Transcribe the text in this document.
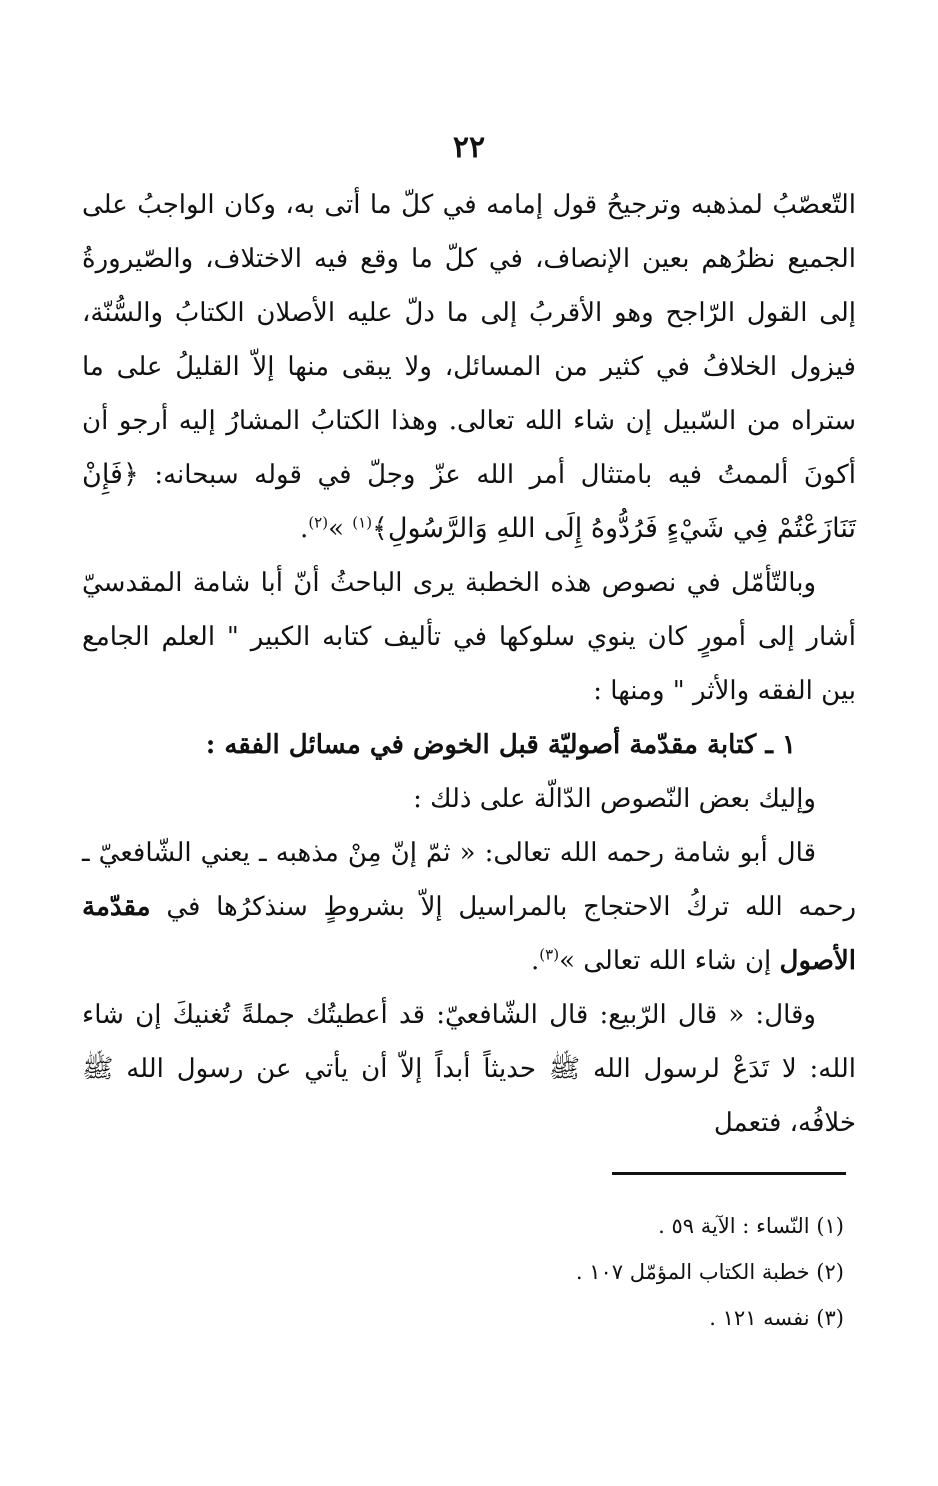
٢٢

التّعصّبُ لمذهبه وترجيحُ قول إمامه في كلّ ما أتى به، وكان الواجبُ على الجميع نظرُهم بعين الإنصاف، في كلّ ما وقع فيه الاختلاف، والصّيرورةُ إلى القول الرّاجح وهو الأقربُ إلى ما دلّ عليه الأصلان الكتابُ والسُّنّة، فيزول الخلافُ في كثير من المسائل، ولا يبقى منها إلاّ القليلُ على ما ستراه من السّبيل إن شاء الله تعالى. وهذا الكتابُ المشارُ إليه أرجو أن أكونَ ألممتُ فيه بامتثال أمر الله عزّ وجلّ في قوله سبحانه: ﴿فَإِنْ تَنَازَعْتُمْ فِي شَيْءٍ فَرُدُّوهُ إِلَى اللهِ وَالرَّسُولِ﴾$^{(١)}$ »$^{(٢)}$.

وبالتّأمّل في نصوص هذه الخطبة يرى الباحثُ أنّ أبا شامة المقدسيّ أشار إلى أمورٍ كان ينوي سلوكها في تأليف كتابه الكبير " العلم الجامع بين الفقه والأثر " ومنها :

١ ـ كتابة مقدّمة أصوليّة قبل الخوض في مسائل الفقه :

وإليك بعض النّصوص الدّالّة على ذلك :

قال أبو شامة رحمه الله تعالى: « ثمّ إنّ مِنْ مذهبه ـ يعني الشّافعيّ ـ رحمه الله تركُ الاحتجاج بالمراسيل إلاّ بشروطٍ سنذكرُها في مقدّمة الأصول إن شاء الله تعالى »$^{(٣)}$.

وقال: « قال الرّبيع: قال الشّافعيّ: قد أعطيتُك جملةً تُغنيكَ إن شاء الله: لا تَدَعْ لرسول الله ﷺ حديثاً أبداً إلاّ أن يأتي عن رسول الله ﷺ خلافُه، فتعمل

(١) النّساء : الآية ٥٩ .

(٢) خطبة الكتاب المؤمّل ١٠٧ .

(٣) نفسه ١٢١ .
